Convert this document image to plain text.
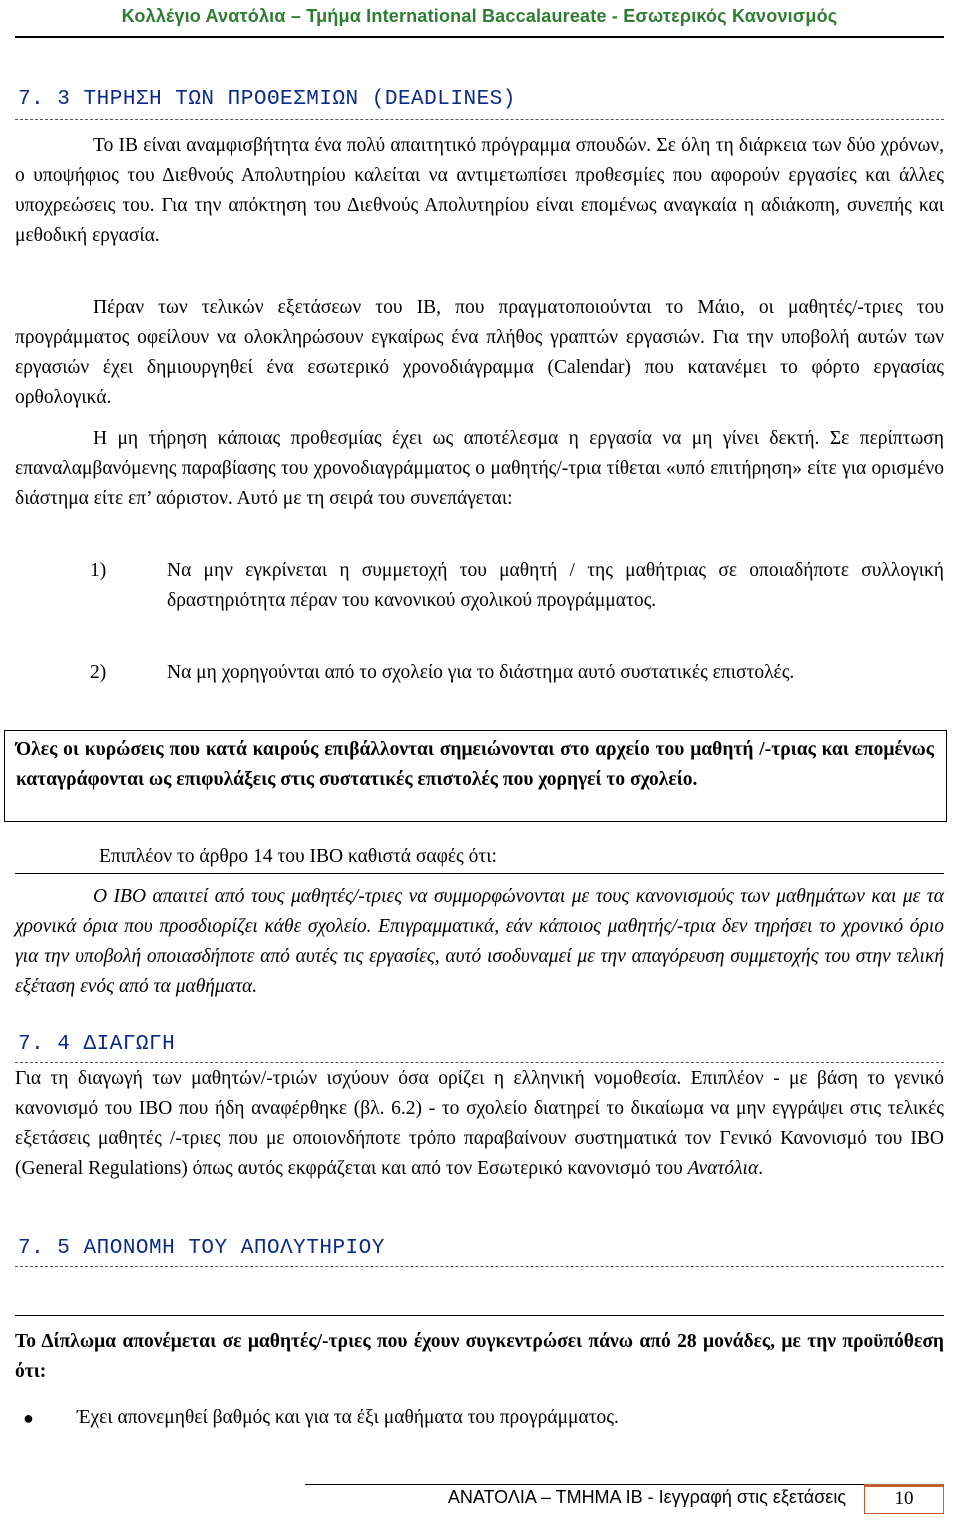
Κολλέγιο Ανατόλια – Τμήμα International Baccalaureate - Εσωτερικός Κανονισμός
7. 3 ΤΗΡΗΣΗ ΤΩΝ ΠΡΟΘΕΣΜΙΩΝ (DEADLINES)
Το IB είναι αναμφισβήτητα ένα πολύ απαιτητικό πρόγραμμα σπουδών. Σε όλη τη διάρκεια των δύο χρόνων, ο υποψήφιος του Διεθνούς Απολυτηρίου καλείται να αντιμετωπίσει προθεσμίες που αφορούν εργασίες και άλλες υποχρεώσεις του. Για την απόκτηση του Διεθνούς Απολυτηρίου είναι επομένως αναγκαία η αδιάκοπη, συνεπής και μεθοδική εργασία.
Πέραν των τελικών εξετάσεων του IB, που πραγματοποιούνται το Μάιο, οι μαθητές/-τριες του προγράμματος οφείλουν να ολοκληρώσουν εγκαίρως ένα πλήθος γραπτών εργασιών. Για την υποβολή αυτών των εργασιών έχει δημιουργηθεί ένα εσωτερικό χρονοδιάγραμμα (Calendar) που κατανέμει το φόρτο εργασίας ορθολογικά.
Η μη τήρηση κάποιας προθεσμίας έχει ως αποτέλεσμα η εργασία να μη γίνει δεκτή. Σε περίπτωση επαναλαμβανόμενης παραβίασης του χρονοδιαγράμματος ο μαθητής/-τρια τίθεται «υπό επιτήρηση» είτε για ορισμένο διάστημα είτε επ’ αόριστον. Αυτό με τη σειρά του συνεπάγεται:
1)	Να μην εγκρίνεται η συμμετοχή του μαθητή / της μαθήτριας σε οποιαδήποτε συλλογική δραστηριότητα πέραν του κανονικού σχολικού προγράμματος.
2)	Να μη χορηγούνται από το σχολείο για το διάστημα αυτό συστατικές επιστολές.
Όλες οι κυρώσεις που κατά καιρούς επιβάλλονται σημειώνονται στο αρχείο του μαθητή /-τριας και επομένως καταγράφονται ως επιφυλάξεις στις συστατικές επιστολές που χορηγεί το σχολείο.
Επιπλέον το άρθρο 14 του IBO καθιστά σαφές ότι:
Ο IBO απαιτεί από τους μαθητές/-τριες να συμμορφώνονται με τους κανονισμούς των μαθημάτων και με τα χρονικά όρια που προσδιορίζει κάθε σχολείο. Επιγραμματικά, εάν κάποιος μαθητής/-τρια δεν τηρήσει το χρονικό όριο για την υποβολή οποιασδήποτε από αυτές τις εργασίες, αυτό ισοδυναμεί με την απαγόρευση συμμετοχής του στην τελική εξέταση ενός από τα μαθήματα.
7. 4 ΔΙΑΓΩΓΗ
Για τη διαγωγή των μαθητών/-τριών ισχύουν όσα ορίζει η ελληνική νομοθεσία. Επιπλέον - με βάση το γενικό κανονισμό του IBO που ήδη αναφέρθηκε (βλ. 6.2) - το σχολείο διατηρεί το δικαίωμα να μην εγγράψει στις τελικές εξετάσεις μαθητές /-τριες που με οποιονδήποτε τρόπο παραβαίνουν συστηματικά τον Γενικό Κανονισμό του IBO (General Regulations) όπως αυτός εκφράζεται και από τον Εσωτερικό κανονισμό του Ανατόλια.
7. 5 ΑΠΟΝΟΜΗ ΤΟΥ ΑΠΟΛΥΤΗΡΙΟΥ
Το Δίπλωμα απονέμεται σε μαθητές/-τριες που έχουν συγκεντρώσει πάνω από 28 μονάδες, με την προϋπόθεση ότι:
● Έχει απονεμηθεί βαθμός και για τα έξι μαθήματα του προγράμματος.
ΑΝΑΤΟΛΙΑ – ΤΜΗΜΑ IB - Ιεγγραφή στις εξετάσεις	10
